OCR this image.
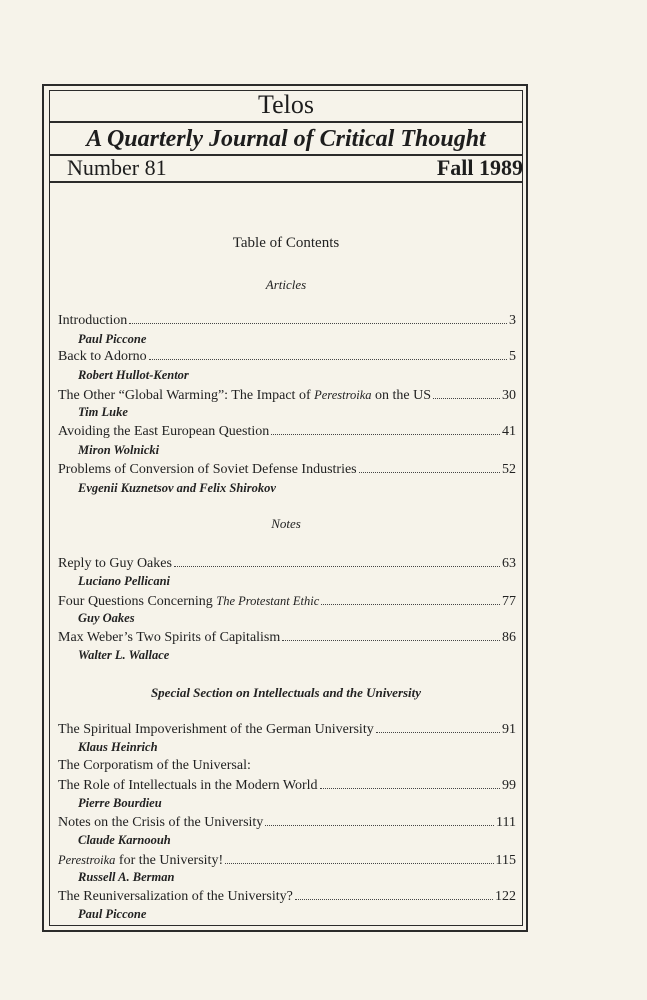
Telos
A Quarterly Journal of Critical Thought
Number 81	Fall 1989
Table of Contents
Articles
Introduction	3
Paul Piccone
Back to Adorno	5
Robert Hullot-Kentor
The Other “Global Warming”: The Impact of Perestroika on the US	30
Tim Luke
Avoiding the East European Question	41
Miron Wolnicki
Problems of Conversion of Soviet Defense Industries	52
Evgenii Kuznetsov and Felix Shirokov
Notes
Reply to Guy Oakes	63
Luciano Pellicani
Four Questions Concerning The Protestant Ethic	77
Guy Oakes
Max Weber’s Two Spirits of Capitalism	86
Walter L. Wallace
Special Section on Intellectuals and the University
The Spiritual Impoverishment of the German University	91
Klaus Heinrich
The Corporatism of the Universal:
The Role of Intellectuals in the Modern World	99
Pierre Bourdieu
Notes on the Crisis of the University	111
Claude Karnoouh
Perestroika for the University!	115
Russell A. Berman
The Reuniversalization of the University?	122
Paul Piccone
